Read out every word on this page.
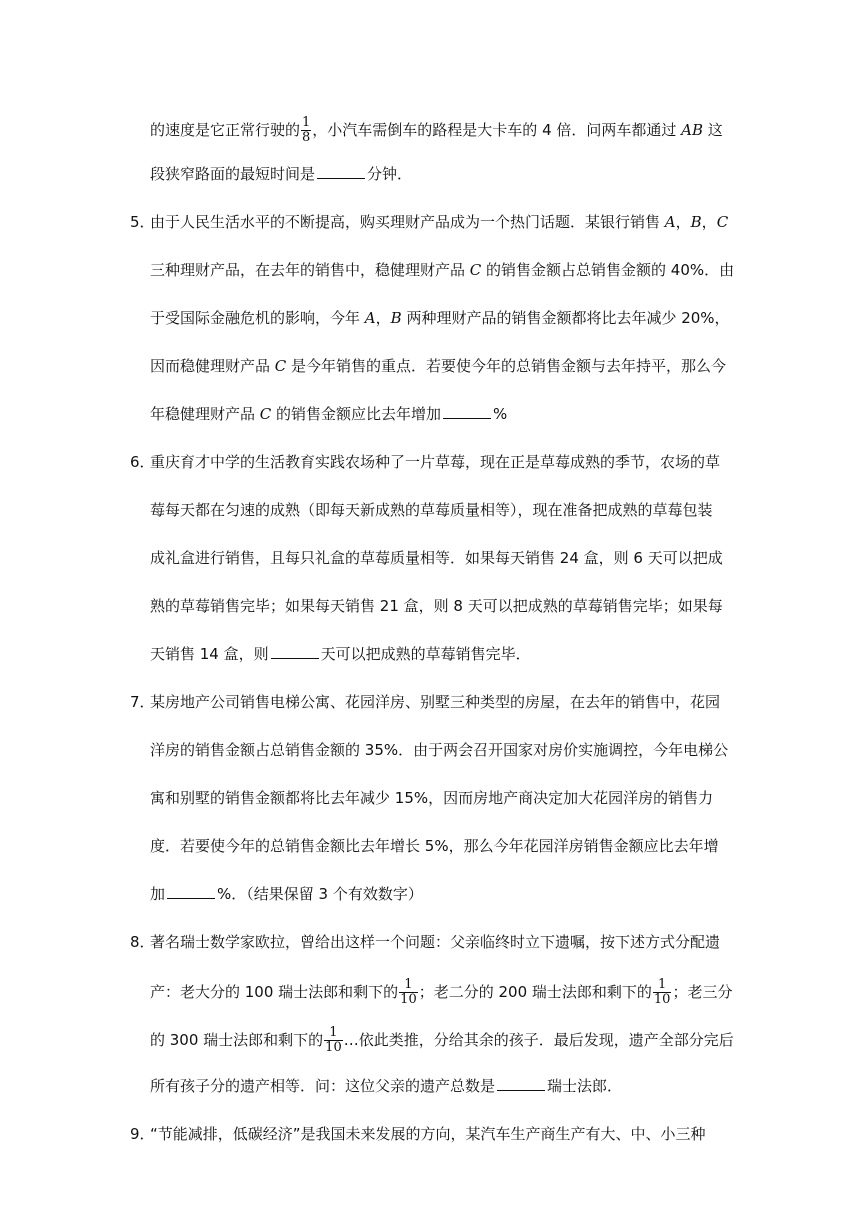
的速度是它正常行驶的 $\frac{1}{8}$ ，小汽车需倒车的路程是大卡车的 4 倍．问两车都通过 AB 这
段狭窄路面的最短时间是	分钟．
5．
由于人民生活水平的不断提高，购买理财产品成为一个热门话题．某银行销售 A，B，C
三种理财产品，在去年的销售中，稳健理财产品 C 的销售金额占总销售金额的 40%．由
于受国际金融危机的影响，今年 A，B 两种理财产品的销售金额都将比去年减少 20%，
因而稳健理财产品 C 是今年销售的重点．若要使今年的总销售金额与去年持平，那么今
年稳健理财产品 C 的销售金额应比去年增加	%
6．
重庆育才中学的生活教育实践农场种了一片草莓，现在正是草莓成熟的季节，农场的草
莓每天都在匀速的成熟（即每天新成熟的草莓质量相等），现在准备把成熟的草莓包装
成礼盒进行销售，且每只礼盒的草莓质量相等．如果每天销售 24 盒，则 6 天可以把成
熟的草莓销售完毕；如果每天销售 21 盒，则 8 天可以把成熟的草莓销售完毕；如果每
天销售 14 盒，则	天可以把成熟的草莓销售完毕．
7．
某房地产公司销售电梯公寓、花园洋房、别墅三种类型的房屋，在去年的销售中，花园
洋房的销售金额占总销售金额的 35%．由于两会召开国家对房价实施调控，今年电梯公
寓和别墅的销售金额都将比去年减少 15%，因而房地产商决定加大花园洋房的销售力
度．若要使今年的总销售金额比去年增长 5%，那么今年花园洋房销售金额应比去年增
加	%．（结果保留 3 个有效数字）
8．
著名瑞士数学家欧拉，曾给出这样一个问题：父亲临终时立下遗嘱，按下述方式分配遗
产：老大分的 100 瑞士法郎和剩下的 $\frac{1}{10}$ ；老二分的 200 瑞士法郎和剩下的 $\frac{1}{10}$ ；老三分
的 300 瑞士法郎和剩下的 $\frac{1}{10}$ …依此类推，分给其余的孩子．最后发现，遗产全部分完后
所有孩子分的遗产相等．问：这位父亲的遗产总数是	瑞士法郎．
9．
“节能减排，低碳经济”是我国未来发展的方向，某汽车生产商生产有大、中、小三种
